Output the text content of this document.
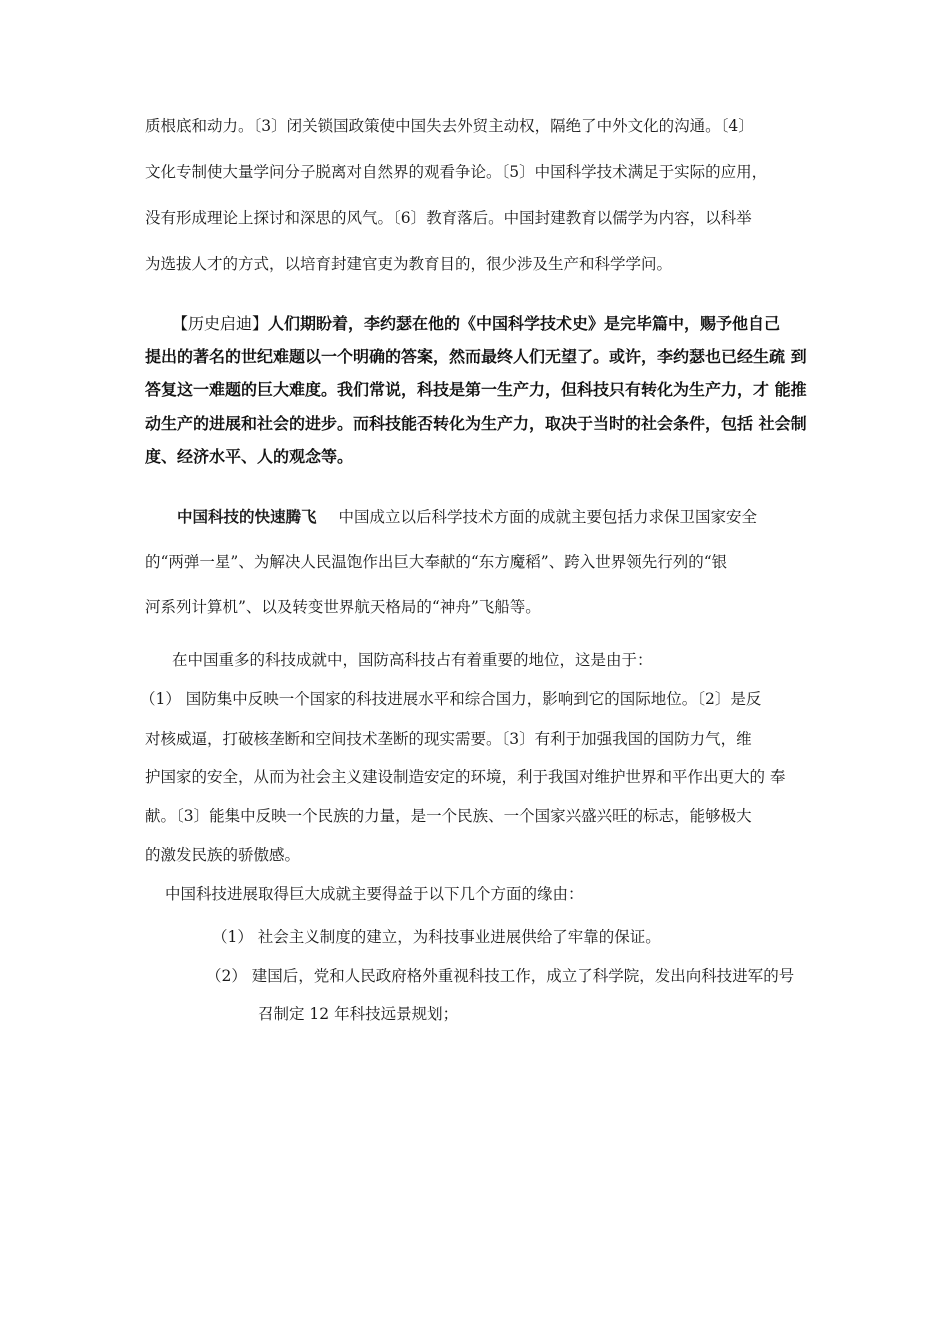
质根底和动力。〔3〕闭关锁国政策使中国失去外贸主动权，隔绝了中外文化的沟通。〔4〕
文化专制使大量学问分子脱离对自然界的观看争论。〔5〕中国科学技术满足于实际的应用，
没有形成理论上探讨和深思的风气。〔6〕教育落后。中国封建教育以儒学为内容，以科举
为选拔人才的方式，以培育封建官吏为教育目的，很少涉及生产和科学学问。
【历史启迪】人们期盼着，李约瑟在他的《中国科学技术史》是完毕篇中，赐予他自己
提出的著名的世纪难题以一个明确的答案，然而最终人们无望了。或许，李约瑟也已经生疏 到
答复这一难题的巨大难度。我们常说，科技是第一生产力，但科技只有转化为生产力，才 能推
动生产的进展和社会的进步。而科技能否转化为生产力，取决于当时的社会条件，包括 社会制
度、经济水平、人的观念等。
中国科技的快速腾飞 中国成立以后科学技术方面的成就主要包括力求保卫国家安全
的“两弹一星”、为解决人民温饱作出巨大奉献的“东方魔稻”、跨入世界领先行列的“银
河系列计算机”、以及转变世界航天格局的“神舟”飞船等。
在中国重多的科技成就中，国防高科技占有着重要的地位，这是由于：
（1） 国防集中反映一个国家的科技进展水平和综合国力，影响到它的国际地位。〔2〕是反
对核威逼，打破核垄断和空间技术垄断的现实需要。〔3〕有利于加强我国的国防力气，维
护国家的安全，从而为社会主义建设制造安定的环境，利于我国对维护世界和平作出更大的 奉
献。〔3〕能集中反映一个民族的力量，是一个民族、一个国家兴盛兴旺的标志，能够极大
的激发民族的骄傲感。
中国科技进展取得巨大成就主要得益于以下几个方面的缘由：
（1） 社会主义制度的建立，为科技事业进展供给了牢靠的保证。
（2） 建国后，党和人民政府格外重视科技工作，成立了科学院，发出向科技进军的号
召制定 12 年科技远景规划；
